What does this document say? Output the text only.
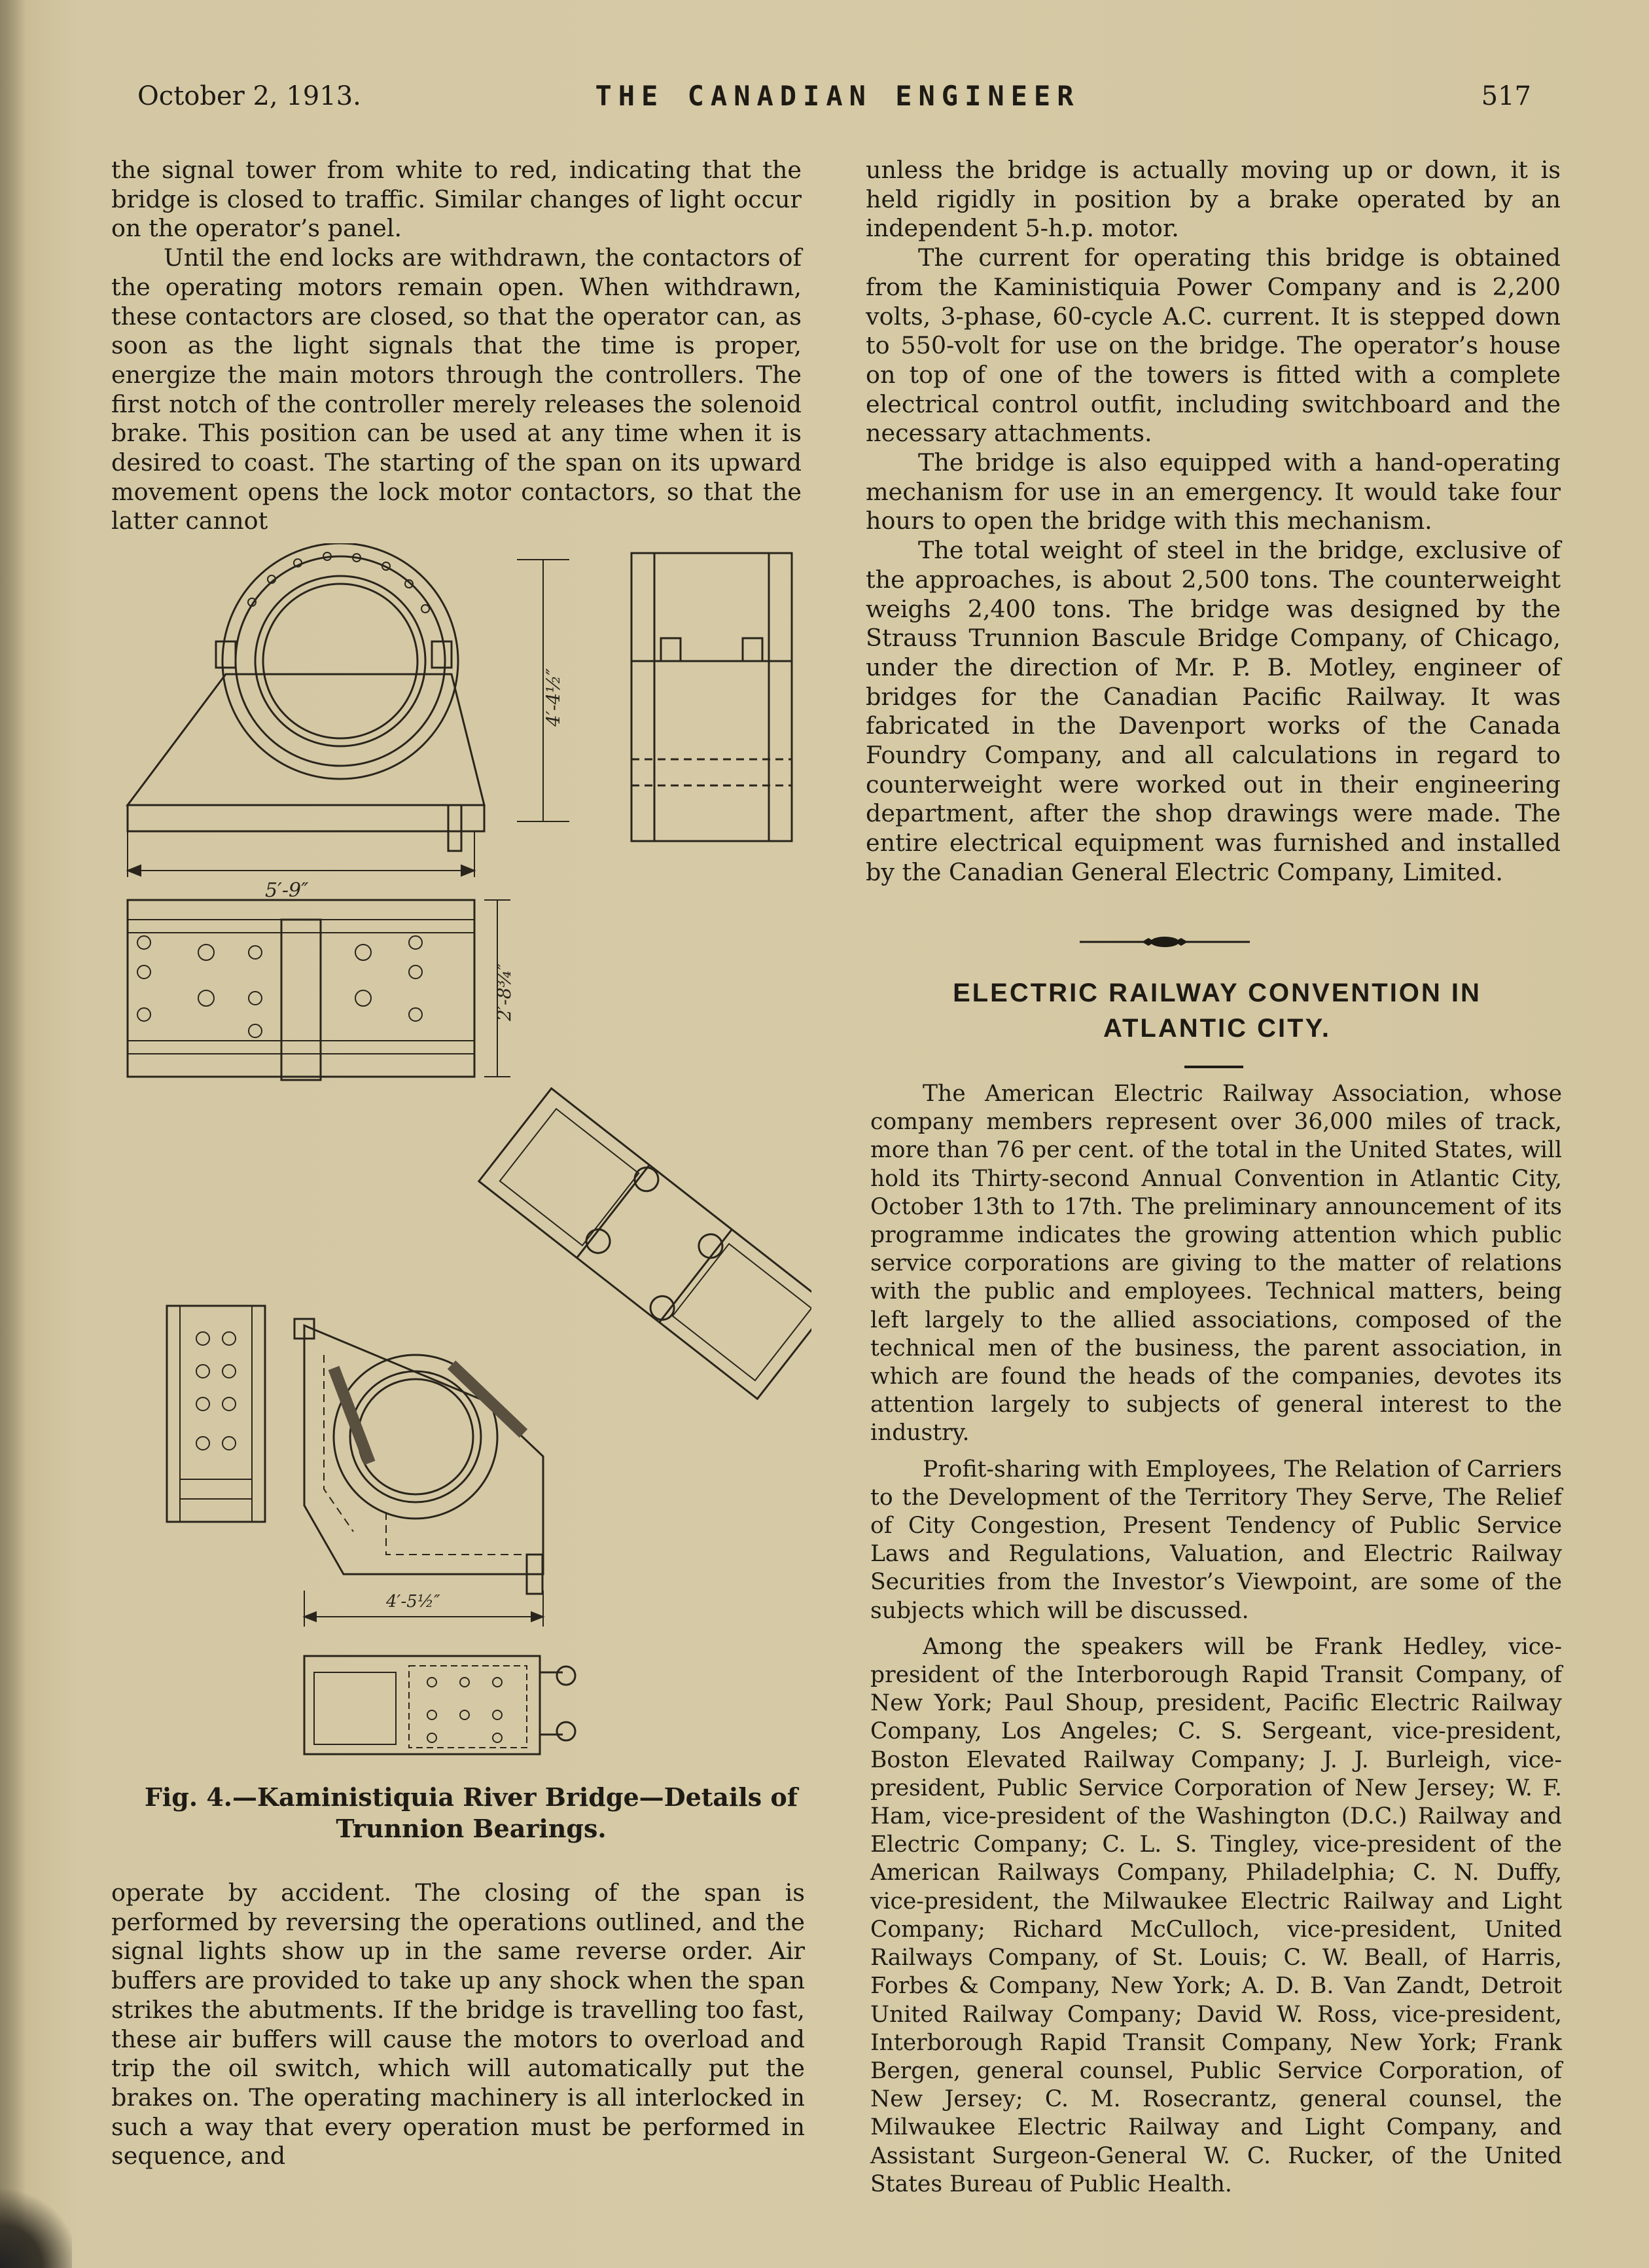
October 2, 1913.	THE CANADIAN ENGINEER	517

the signal tower from white to red, indicating that the bridge is closed to traffic. Similar changes of light occur on the operator’s panel.

Until the end locks are withdrawn, the contactors of the operating motors remain open. When withdrawn, these contactors are closed, so that the operator can, as soon as the light signals that the time is proper, energize the main motors through the controllers. The first notch of the controller merely releases the solenoid brake. This position can be used at any time when it is desired to coast. The starting of the span on its upward movement opens the lock motor contactors, so that the latter cannot

5′-9″
4′-4½″
2′-8¾″
4′-5½″
Fig. 4.—Kaministiquia River Bridge—Details of
Trunnion Bearings.

operate by accident. The closing of the span is performed by reversing the operations outlined, and the signal lights show up in the same reverse order. Air buffers are provided to take up any shock when the span strikes the abutments. If the bridge is travelling too fast, these air buffers will cause the motors to overload and trip the oil switch, which will automatically put the brakes on. The operating machinery is all interlocked in such a way that every operation must be performed in sequence, and

unless the bridge is actually moving up or down, it is held rigidly in position by a brake operated by an independent 5-h.p. motor.

The current for operating this bridge is obtained from the Kaministiquia Power Company and is 2,200 volts, 3-phase, 60-cycle A.C. current. It is stepped down to 550-volt for use on the bridge. The operator’s house on top of one of the towers is fitted with a complete electrical control outfit, including switchboard and the necessary attachments.

The bridge is also equipped with a hand-operating mechanism for use in an emergency. It would take four hours to open the bridge with this mechanism.

The total weight of steel in the bridge, exclusive of the approaches, is about 2,500 tons. The counterweight weighs 2,400 tons. The bridge was designed by the Strauss Trunnion Bascule Bridge Company, of Chicago, under the direction of Mr. P. B. Motley, engineer of bridges for the Canadian Pacific Railway. It was fabricated in the Davenport works of the Canada Foundry Company, and all calculations in regard to counterweight were worked out in their engineering department, after the shop drawings were made. The entire electrical equipment was furnished and installed by the Canadian General Electric Company, Limited.

ELECTRIC RAILWAY CONVENTION IN
ATLANTIC CITY.

The American Electric Railway Association, whose company members represent over 36,000 miles of track, more than 76 per cent. of the total in the United States, will hold its Thirty-second Annual Convention in Atlantic City, October 13th to 17th. The preliminary announcement of its programme indicates the growing attention which public service corporations are giving to the matter of relations with the public and employees. Technical matters, being left largely to the allied associations, composed of the technical men of the business, the parent association, in which are found the heads of the companies, devotes its attention largely to subjects of general interest to the industry.

Profit-sharing with Employees, The Relation of Carriers to the Development of the Territory They Serve, The Relief of City Congestion, Present Tendency of Public Service Laws and Regulations, Valuation, and Electric Railway Securities from the Investor’s Viewpoint, are some of the subjects which will be discussed.

Among the speakers will be Frank Hedley, vice-president of the Interborough Rapid Transit Company, of New York; Paul Shoup, president, Pacific Electric Railway Company, Los Angeles; C. S. Sergeant, vice-president, Boston Elevated Railway Company; J. J. Burleigh, vice-president, Public Service Corporation of New Jersey; W. F. Ham, vice-president of the Washington (D.C.) Railway and Electric Company; C. L. S. Tingley, vice-president of the American Railways Company, Philadelphia; C. N. Duffy, vice-president, the Milwaukee Electric Railway and Light Company; Richard McCulloch, vice-president, United Railways Company, of St. Louis; C. W. Beall, of Harris, Forbes & Company, New York; A. D. B. Van Zandt, Detroit United Railway Company; David W. Ross, vice-president, Interborough Rapid Transit Company, New York; Frank Bergen, general counsel, Public Service Corporation, of New Jersey; C. M. Rosecrantz, general counsel, the Milwaukee Electric Railway and Light Company, and Assistant Surgeon-General W. C. Rucker, of the United States Bureau of Public Health.
